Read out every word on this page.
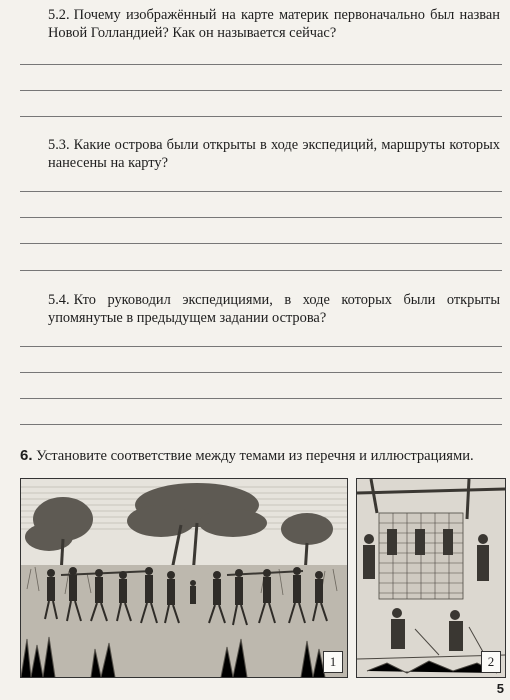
5.2. Почему изображённый на карте материк первоначально был назван Новой Голландией? Как он называется сейчас?
5.3. Какие острова были открыты в ходе экспедиций, маршруты которых нанесены на карту?
5.4. Кто руководил экспедициями, в ходе которых были открыты упомянутые в предыдущем задании острова?
6. Установите соответствие между темами из перечня и иллюстрациями.
1	2
5
